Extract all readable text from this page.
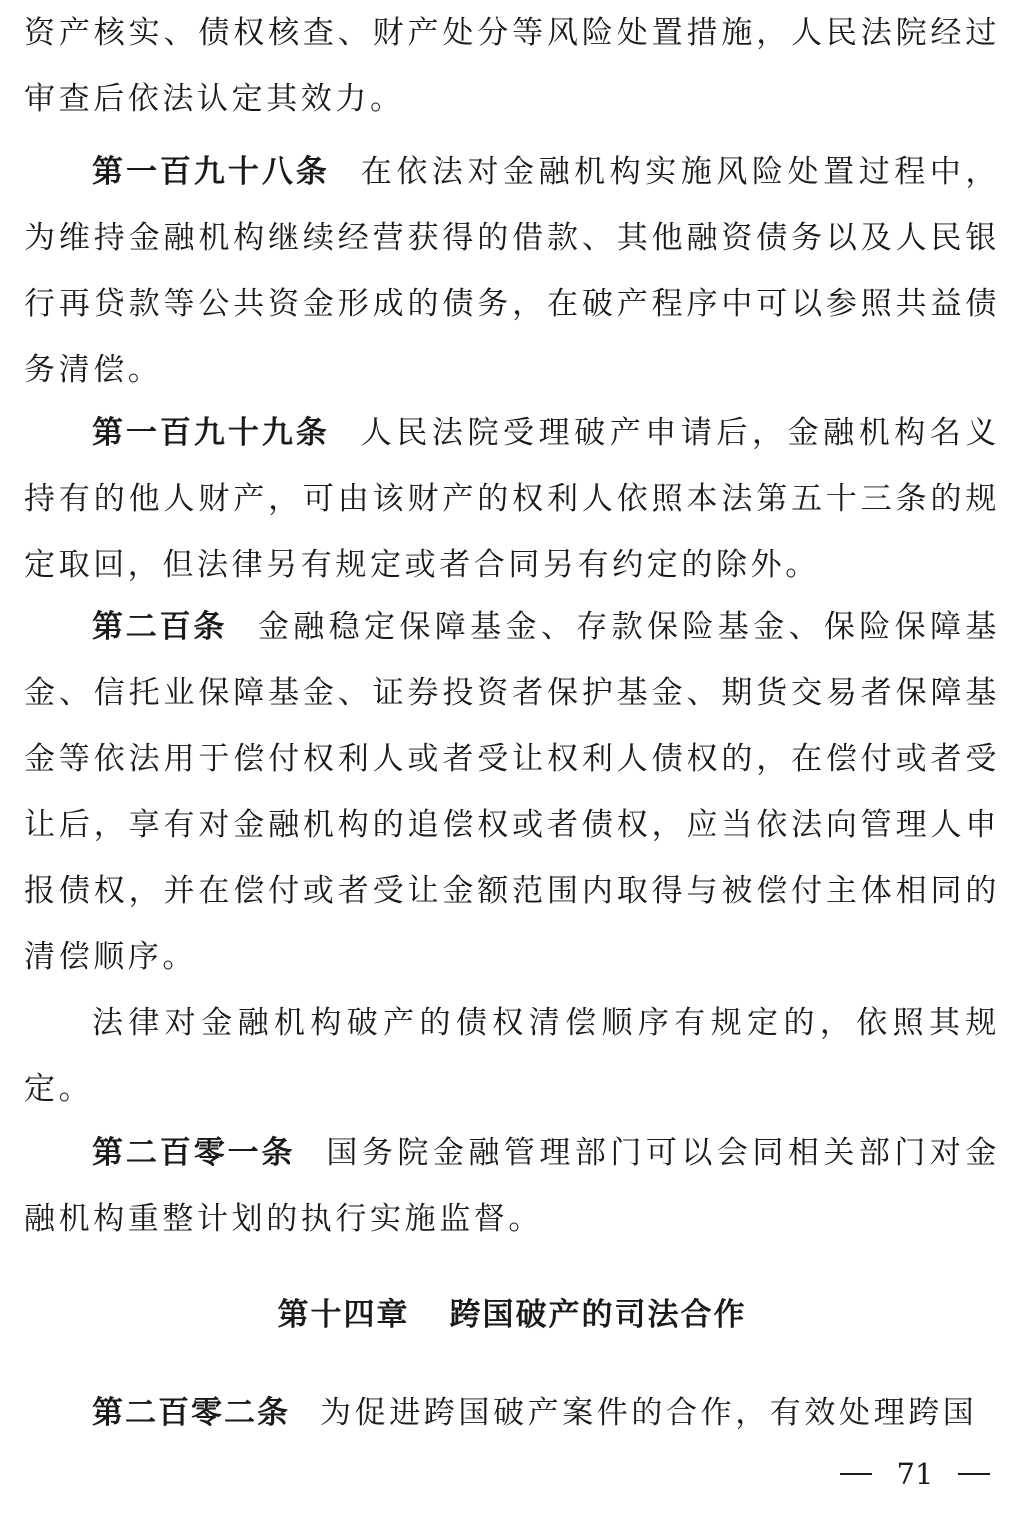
资产核实、债权核查、财产处分等风险处置措施，人民法院经过审查后依法认定其效力。

第一百九十八条 在依法对金融机构实施风险处置过程中，为维持金融机构继续经营获得的借款、其他融资债务以及人民银行再贷款等公共资金形成的债务，在破产程序中可以参照共益债务清偿。

第一百九十九条 人民法院受理破产申请后，金融机构名义持有的他人财产，可由该财产的权利人依照本法第五十三条的规定取回，但法律另有规定或者合同另有约定的除外。

第二百条 金融稳定保障基金、存款保险基金、保险保障基金、信托业保障基金、证券投资者保护基金、期货交易者保障基金等依法用于偿付权利人或者受让权利人债权的，在偿付或者受让后，享有对金融机构的追偿权或者债权，应当依法向管理人申报债权，并在偿付或者受让金额范围内取得与被偿付主体相同的清偿顺序。

法律对金融机构破产的债权清偿顺序有规定的，依照其规定。

第二百零一条 国务院金融管理部门可以会同相关部门对金融机构重整计划的执行实施监督。

第十四章 跨国破产的司法合作

第二百零二条 为促进跨国破产案件的合作，有效处理跨国

71
